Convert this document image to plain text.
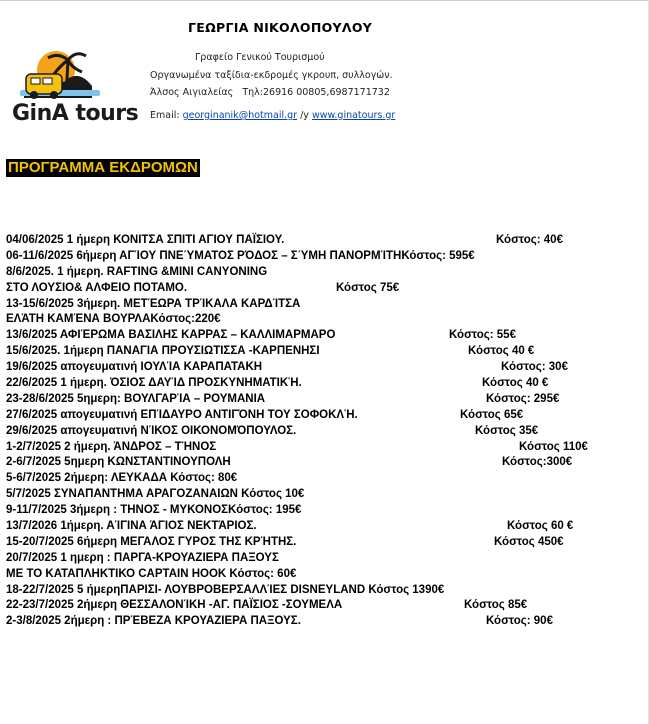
GinA tours
ΓΕΩΡΓΙΑ ΝΙΚΟΛΟΠΟΥΛΟΥ
Γραφείο Γενικού Τουρισμού
Οργανωμένα ταξίδια-εκδρομές γκρουπ, συλλογών.
Άλσος Αιγιαλείας Τηλ:26916 00805,6987171732
Email: georginanik@hotmail.gr /y www.ginatours.gr
ΠΡΟΓΡΑΜΜΑ ΕΚΔΡΟΜΩΝ
04/06/2025 1 ήμερη ΚΟΝΙΤΣΑ ΣΠΙΤΙ ΑΓΙΟΥ ΠΑΪΣΙΟΥ.	Κόστος: 40€
06-11/6/2025 6ήμερη ΑΓΊΟΥ ΠΝΕΎΜΑΤΟΣ ΡΌΔΟΣ – ΣΎΜΗ ΠΑΝΟΡΜΊΤΗΚόστος: 595€
8/6/2025. 1 ήμερη. RAFTING &MINI CANYONING
ΣΤΟ ΛΟΥΣΙΟ& ΑΛΦΕΙΟ ΠΟΤΑΜΟ.	Κόστος 75€
13-15/6/2025 3ήμερη. ΜΕΤΈΩΡΑ ΤΡΊΚΑΛΑ ΚΑΡΔΊΤΣΑ
ΕΛΆΤΗ ΚΑΜΈΝΑ ΒΟΥΡΛΑΚόστος:220€
13/6/2025 ΑΦΙΈΡΩΜΑ ΒΑΣΙΛΗΣ ΚΑΡΡΑΣ – ΚΑΛΛΙΜΑΡΜΑΡΟ	Κόστος: 55€
15/6/2025. 1ήμερη ΠΑΝΑΓΙΑ ΠΡΟΥΣΙΩΤΙΣΣΑ -ΚΑΡΠΕΝΗΣΙ	Κόστος 40 €
19/6/2025 απογευματινή ΙΟΥΛΊΑ ΚΑΡΑΠΑΤΑΚΗ	Κόστος: 30€
22/6/2025 1 ήμερη. ΌΣΙΟΣ ΔΑΥΊΔ ΠΡΟΣΚΥΝΗΜΑΤΙΚΉ.	Κόστος 40 €
23-28/6/2025 5ημερη: ΒΟΥΛΓΑΡΊΑ – ΡΟΥΜΑΝΙΑ	Κόστος: 295€
27/6/2025 απογευματινή ΕΠΊΔΑΥΡΟ ΑΝΤΙΓΌΝΗ ΤΟΥ ΣΟΦΟΚΛΉ.	Κόστος 65€
29/6/2025 απογευματινή ΝΊΚΟΣ ΟΙΚΟΝΟΜΌΠΟΥΛΟΣ.	Κόστος 35€
1-2/7/2025 2 ήμερη. ΆΝΔΡΟΣ – ΤΉΝΟΣ	Κόστος 110€
2-6/7/2025 5ημερη ΚΩΝΣΤΑΝΤΙΝΟΥΠΟΛΗ	Κόστος:300€
5-6/7/2025 2ήμερη: ΛΕΥΚΑΔΑ Κόστος: 80€
5/7/2025 ΣΥΝΑΠΑΝΤΗΜΑ ΑΡΑΓΟΖΑΝΑΙΩΝ Κόστος 10€
9-11/7/2025 3ήμερη : ΤΗΝΟΣ - ΜΥΚΟΝΟΣΚόστος: 195€
13/7/2026 1ήμερη. ΑΊΓΙΝΑ ΆΓΙΟΣ ΝΕΚΤΆΡΙΟΣ.	Κόστος 60 €
15-20/7/2025 6ήμερη ΜΕΓΑΛΟΣ ΓΥΡΟΣ ΤΗΣ ΚΡΉΤΗΣ.	Κόστος 450€
20/7/2025 1 ημερη : ΠΑΡΓΑ-ΚΡΟΥΑΖΙΕΡΑ ΠΑΞΟΥΣ
ΜΕ ΤΟ ΚΑΤΑΠΛΗΚΤΙΚΟ CAPTAIN HOOK Κόστος: 60€
18-22/7/2025 5 ήμερηΠΑΡΙΣΙ- ΛΟΥΒΡΟΒΕΡΣΑΛΛΊΕΣ DISNEYLAND Κόστος 1390€
22-23/7/2025 2ήμερη ΘΕΣΣΑΛΟΝΊΚΗ -ΑΓ. ΠΑΪΣΙΟΣ -ΣΟΥΜΕΛΑ	Κόστος 85€
2-3/8/2025 2ήμερη : ΠΡΈΒΕΖΑ ΚΡΟΥΑΖΙΕΡΑ ΠΑΞΟΥΣ.	Κόστος: 90€
